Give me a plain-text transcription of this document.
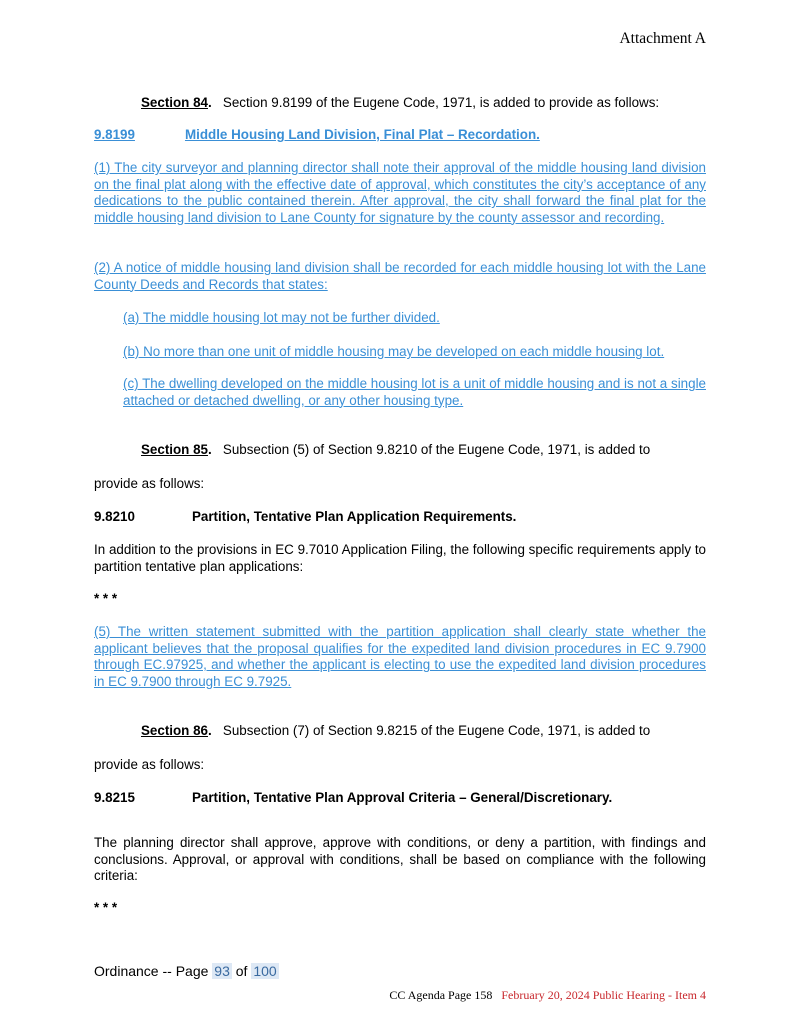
Attachment A
Section 84. Section 9.8199 of the Eugene Code, 1971, is added to provide as follows:
9.8199	Middle Housing Land Division, Final Plat – Recordation.
(1) The city surveyor and planning director shall note their approval of the middle housing land division on the final plat along with the effective date of approval, which constitutes the city’s acceptance of any dedications to the public contained therein. After approval, the city shall forward the final plat for the middle housing land division to Lane County for signature by the county assessor and recording.
(2) A notice of middle housing land division shall be recorded for each middle housing lot with the Lane County Deeds and Records that states:
(a) The middle housing lot may not be further divided.
(b) No more than one unit of middle housing may be developed on each middle housing lot.
(c) The dwelling developed on the middle housing lot is a unit of middle housing and is not a single attached or detached dwelling, or any other housing type.
Section 85. Subsection (5) of Section 9.8210 of the Eugene Code, 1971, is added to
provide as follows:
9.8210	Partition, Tentative Plan Application Requirements.
In addition to the provisions in EC 9.7010 Application Filing, the following specific requirements apply to partition tentative plan applications:
* * *
(5) The written statement submitted with the partition application shall clearly state whether the applicant believes that the proposal qualifies for the expedited land division procedures in EC 9.7900 through EC.97925, and whether the applicant is electing to use the expedited land division procedures in EC 9.7900 through EC 9.7925.
Section 86. Subsection (7) of Section 9.8215 of the Eugene Code, 1971, is added to
provide as follows:
9.8215	Partition, Tentative Plan Approval Criteria – General/Discretionary.
The planning director shall approve, approve with conditions, or deny a partition, with findings and conclusions. Approval, or approval with conditions, shall be based on compliance with the following criteria:
* * *
Ordinance -- Page 93 of 100
CC Agenda Page 158 February 20, 2024 Public Hearing - Item 4
